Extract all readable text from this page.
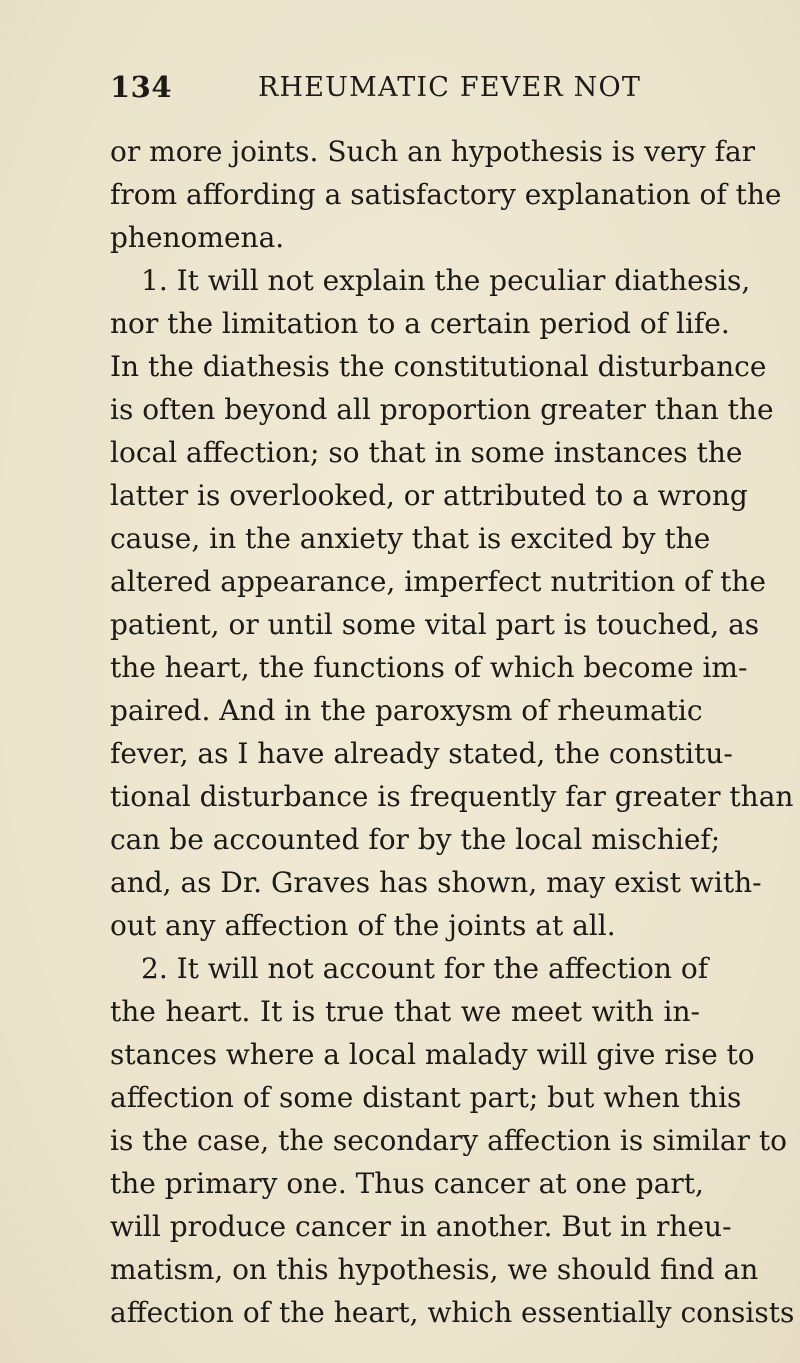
134	RHEUMATIC FEVER NOT
or more joints. Such an hypothesis is very far
from affording a satisfactory explanation of the
phenomena.
1. It will not explain the peculiar diathesis,
nor the limitation to a certain period of life.
In the diathesis the constitutional disturbance
is often beyond all proportion greater than the
local affection; so that in some instances the
latter is overlooked, or attributed to a wrong
cause, in the anxiety that is excited by the
altered appearance, imperfect nutrition of the
patient, or until some vital part is touched, as
the heart, the functions of which become im-
paired. And in the paroxysm of rheumatic
fever, as I have already stated, the constitu-
tional disturbance is frequently far greater than
can be accounted for by the local mischief;
and, as Dr. Graves has shown, may exist with-
out any affection of the joints at all.
2. It will not account for the affection of
the heart. It is true that we meet with in-
stances where a local malady will give rise to
affection of some distant part; but when this
is the case, the secondary affection is similar to
the primary one. Thus cancer at one part,
will produce cancer in another. But in rheu-
matism, on this hypothesis, we should find an
affection of the heart, which essentially consists
